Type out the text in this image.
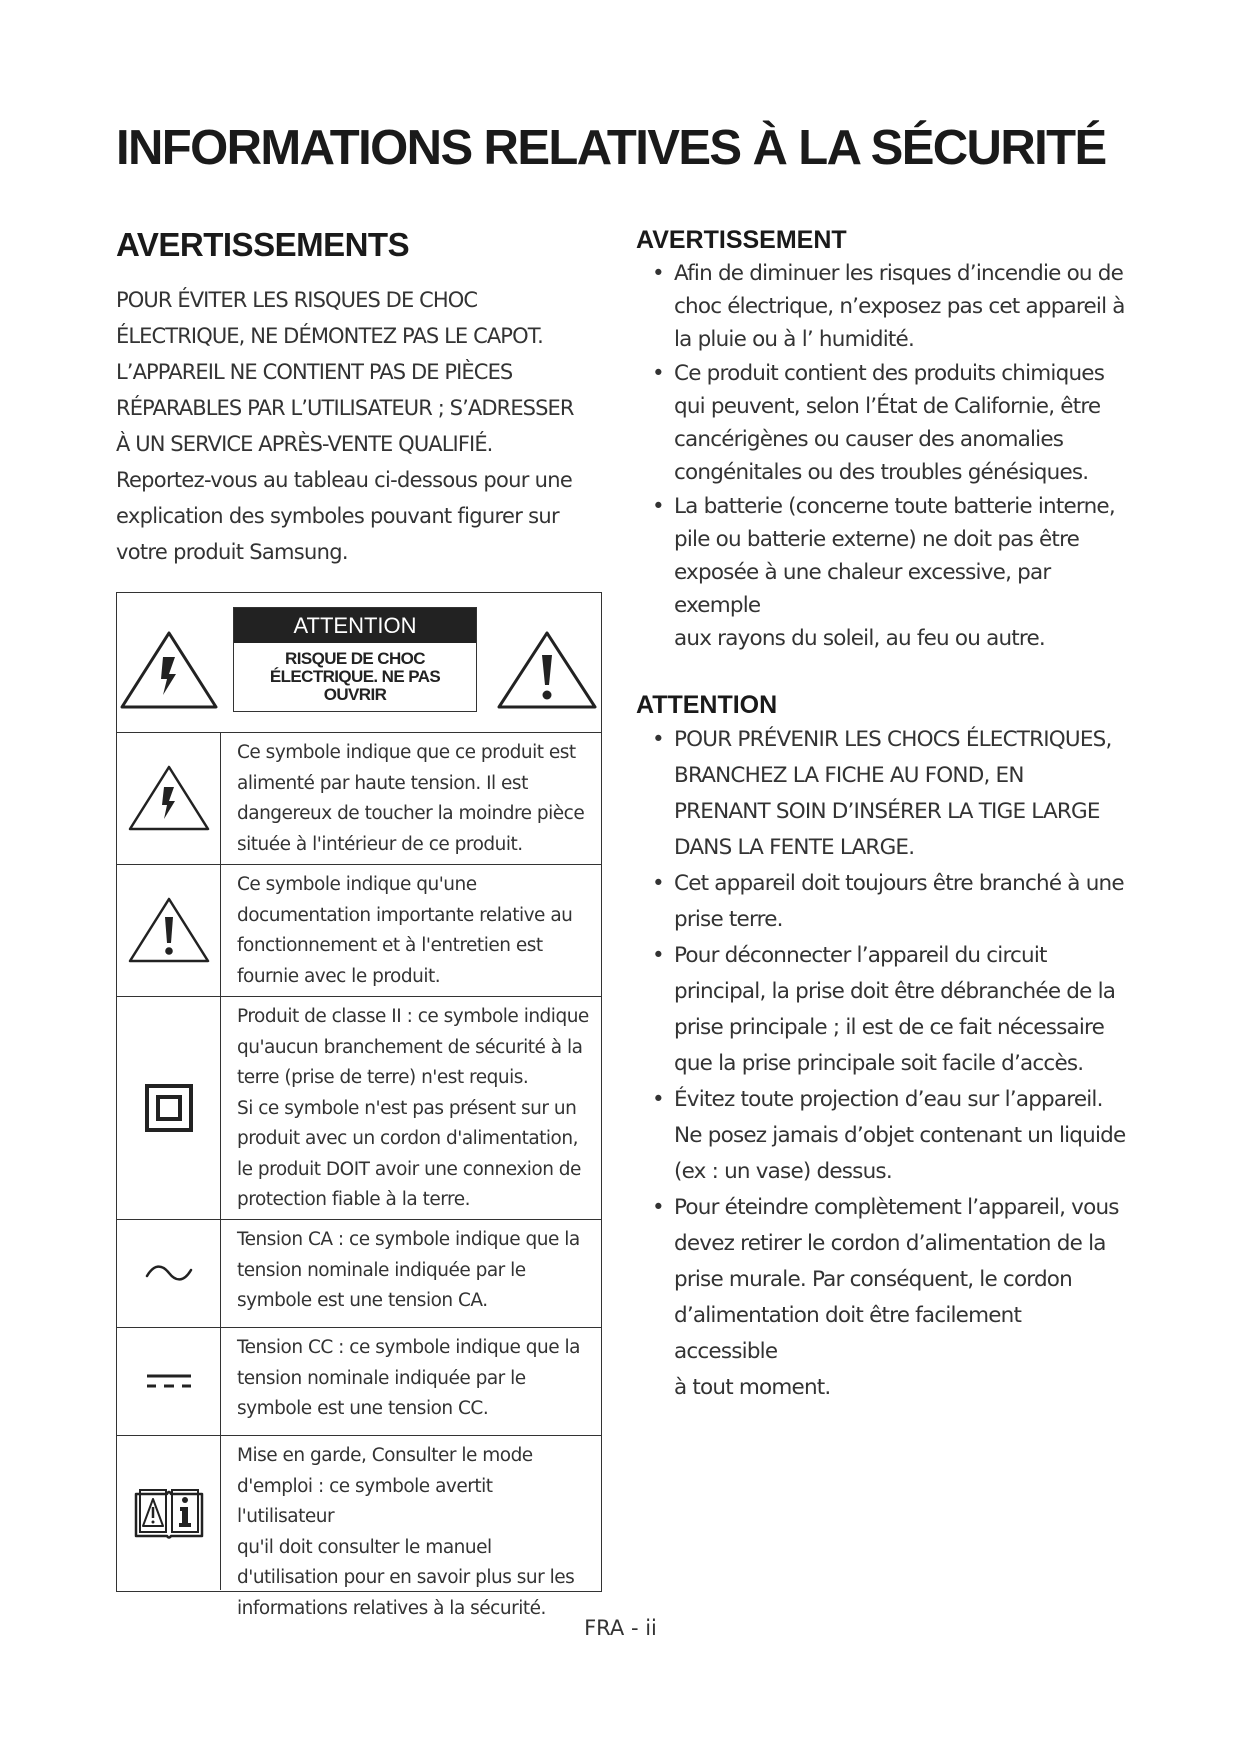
INFORMATIONS RELATIVES À LA SÉCURITÉ
AVERTISSEMENTS

POUR ÉVITER LES RISQUES DE CHOC
ÉLECTRIQUE, NE DÉMONTEZ PAS LE CAPOT.
L’APPAREIL NE CONTIENT PAS DE PIÈCES
RÉPARABLES PAR L’UTILISATEUR ; S’ADRESSER
À UN SERVICE APRÈS-VENTE QUALIFIÉ.

Reportez-vous au tableau ci-dessous pour une
explication des symboles pouvant figurer sur
votre produit Samsung.

ATTENTION
RISQUE DE CHOC
ÉLECTRIQUE. NE PAS
OUVRIR
Ce symbole indique que ce produit est
alimenté par haute tension. Il est
dangereux de toucher la moindre pièce
située à l'intérieur de ce produit.
Ce symbole indique qu'une
documentation importante relative au
fonctionnement et à l'entretien est
fournie avec le produit.
Produit de classe II : ce symbole indique
qu'aucun branchement de sécurité à la
terre (prise de terre) n'est requis.
Si ce symbole n'est pas présent sur un
produit avec un cordon d'alimentation,
le produit DOIT avoir une connexion de
protection fiable à la terre.
Tension CA : ce symbole indique que la
tension nominale indiquée par le
symbole est une tension CA.
Tension CC : ce symbole indique que la
tension nominale indiquée par le
symbole est une tension CC.
Mise en garde, Consulter le mode
d'emploi : ce symbole avertit l'utilisateur
qu'il doit consulter le manuel
d'utilisation pour en savoir plus sur les
informations relatives à la sécurité.
AVERTISSEMENT
• Afin de diminuer les risques d’incendie ou de
choc électrique, n’exposez pas cet appareil à
la pluie ou à l’ humidité.
• Ce produit contient des produits chimiques
qui peuvent, selon l’État de Californie, être
cancérigènes ou causer des anomalies
congénitales ou des troubles génésiques.
• La batterie (concerne toute batterie interne,
pile ou batterie externe) ne doit pas être
exposée à une chaleur excessive, par exemple
aux rayons du soleil, au feu ou autre.
ATTENTION
• POUR PRÉVENIR LES CHOCS ÉLECTRIQUES,
BRANCHEZ LA FICHE AU FOND, EN
PRENANT SOIN D’INSÉRER LA TIGE LARGE
DANS LA FENTE LARGE.
• Cet appareil doit toujours être branché à une
prise terre.
• Pour déconnecter l’appareil du circuit
principal, la prise doit être débranchée de la
prise principale ; il est de ce fait nécessaire
que la prise principale soit facile d’accès.
• Évitez toute projection d’eau sur l’appareil.
Ne posez jamais d’objet contenant un liquide
(ex : un vase) dessus.
• Pour éteindre complètement l’appareil, vous
devez retirer le cordon d’alimentation de la
prise murale. Par conséquent, le cordon
d’alimentation doit être facilement accessible
à tout moment.
FRA - ii
